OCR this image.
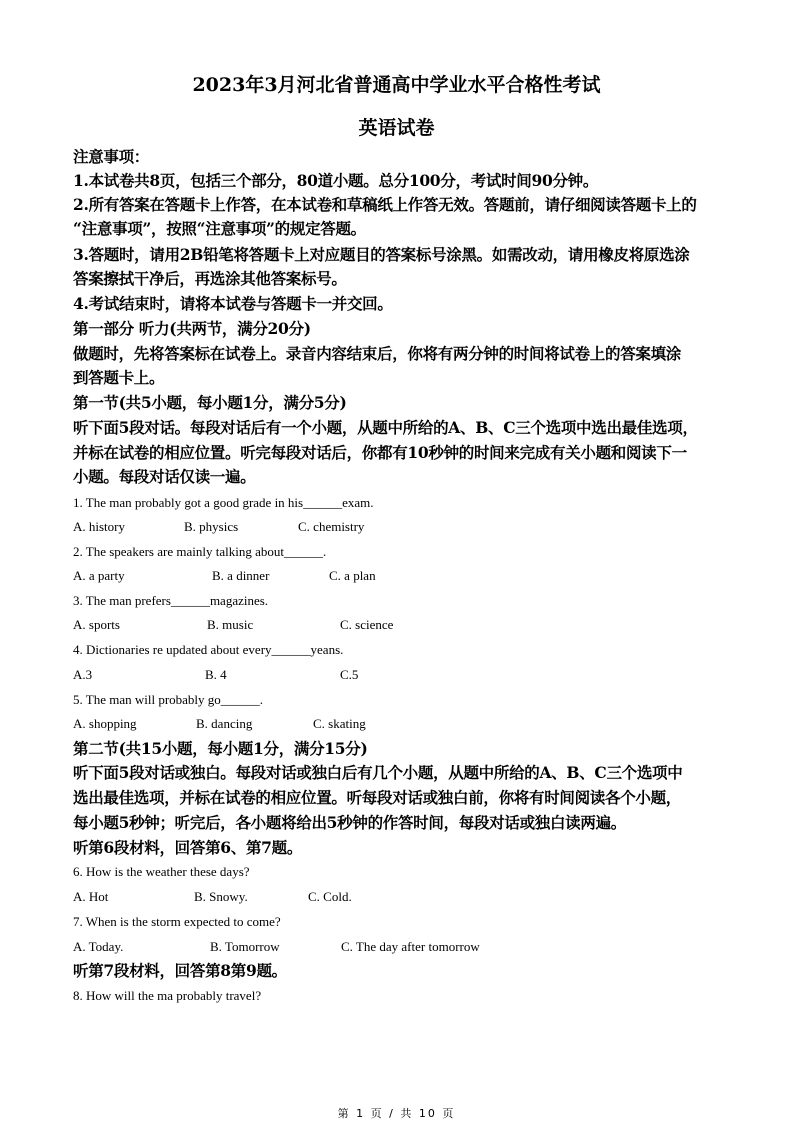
2023年3月河北省普通高中学业水平合格性考试
英语试卷
注意事项：
1.本试卷共8页，包括三个部分，80道小题。总分100分，考试时间90分钟。
2.所有答案在答题卡上作答，在本试卷和草稿纸上作答无效。答题前，请仔细阅读答题卡上的
“注意事项”，按照“注意事项”的规定答题。
3.答题时，请用2B铅笔将答题卡上对应题目的答案标号涂黑。如需改动，请用橡皮将原选涂
答案擦拭干净后，再选涂其他答案标号。
4.考试结束时，请将本试卷与答题卡一并交回。
第一部分 听力(共两节，满分20分)
做题时，先将答案标在试卷上。录音内容结束后，你将有两分钟的时间将试卷上的答案填涂
到答题卡上。
第一节(共5小题，每小题1分，满分5分)
听下面5段对话。每段对话后有一个小题，从题中所给的A、B、C三个选项中选出最佳选项，
并标在试卷的相应位置。听完每段对话后，你都有10秒钟的时间来完成有关小题和阅读下一
小题。每段对话仅读一遍。
1. The man probably got a good grade in his______exam.
A. history	B. physics	C. chemistry
2. The speakers are mainly talking about______.
A. a party	B. a dinner	C. a plan
3. The man prefers______magazines.
A. sports	B. music	C. science
4. Dictionaries re updated about every______yeans.
A.3	B. 4	C.5
5. The man will probably go______.
A. shopping	B. dancing	C. skating
第二节(共15小题，每小题1分，满分15分)
听下面5段对话或独白。每段对话或独白后有几个小题，从题中所给的A、B、C三个选项中
选出最佳选项，并标在试卷的相应位置。听每段对话或独白前，你将有时间阅读各个小题，
每小题5秒钟；听完后，各小题将给出5秒钟的作答时间，每段对话或独白读两遍。
听第6段材料，回答第6、第7题。
6. How is the weather these days?
A. Hot	B. Snowy.	C. Cold.
7. When is the storm expected to come?
A. Today.	B. Tomorrow	C. The day after tomorrow
听第7段材料，回答第8第9题。
8. How will the ma probably travel?
第 1 页 / 共 10 页
